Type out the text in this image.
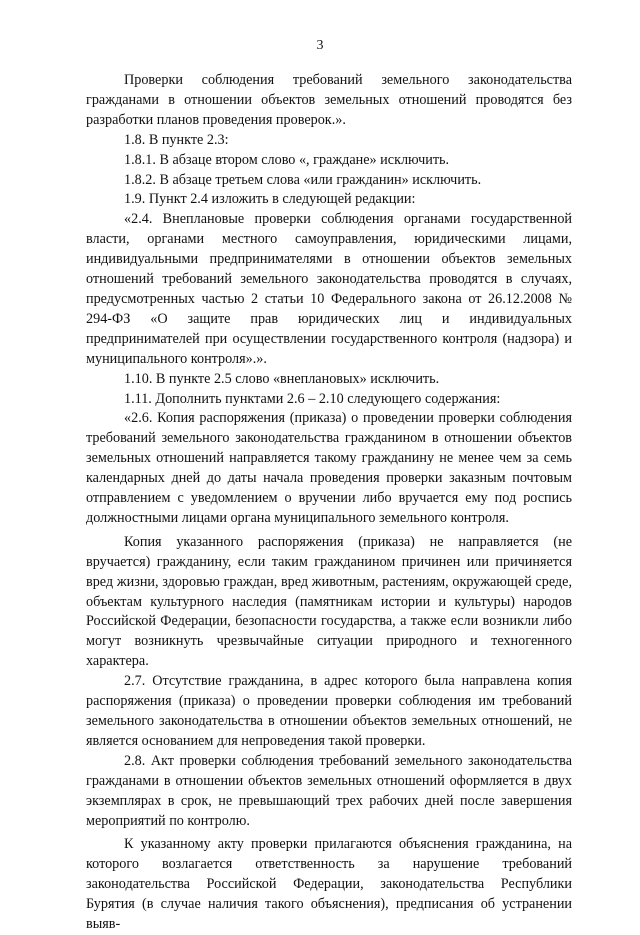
3

Проверки соблюдения требований земельного законодательства гражданами в отношении объектов земельных отношений проводятся без разработки планов проведения проверок.».

1.8. В пункте 2.3:

1.8.1. В абзаце втором слово «, граждане» исключить.

1.8.2. В абзаце третьем слова «или гражданин» исключить.

1.9. Пункт 2.4 изложить в следующей редакции:

«2.4. Внеплановые проверки соблюдения органами государственной власти, органами местного самоуправления, юридическими лицами, индивидуальными предпринимателями в отношении объектов земельных отношений требований земельного законодательства проводятся в случаях, предусмотренных частью 2 статьи 10 Федерального закона от 26.12.2008 № 294-ФЗ «О защите прав юридических лиц и индивидуальных предпринимателей при осуществлении государственного контроля (надзора) и муниципального контроля».».

1.10. В пункте 2.5 слово «внеплановых» исключить.

1.11. Дополнить пунктами 2.6 – 2.10 следующего содержания:

«2.6. Копия распоряжения (приказа) о проведении проверки соблюдения требований земельного законодательства гражданином в отношении объектов земельных отношений направляется такому гражданину не менее чем за семь календарных дней до даты начала проведения проверки заказным почтовым отправлением с уведомлением о вручении либо вручается ему под роспись должностными лицами органа муниципального земельного контроля.

Копия указанного распоряжения (приказа) не направляется (не вручается) гражданину, если таким гражданином причинен или причиняется вред жизни, здоровью граждан, вред животным, растениям, окружающей среде, объектам культурного наследия (памятникам истории и культуры) народов Российской Федерации, безопасности государства, а также если возникли либо могут возникнуть чрезвычайные ситуации природного и техногенного характера.

2.7. Отсутствие гражданина, в адрес которого была направлена копия распоряжения (приказа) о проведении проверки соблюдения им требований земельного законодательства в отношении объектов земельных отношений, не является основанием для непроведения такой проверки.

2.8. Акт проверки соблюдения требований земельного законодательства гражданами в отношении объектов земельных отношений оформляется в двух экземплярах в срок, не превышающий трех рабочих дней после завершения мероприятий по контролю.

К указанному акту проверки прилагаются объяснения гражданина, на которого возлагается ответственность за нарушение требований законодательства Российской Федерации, законодательства Республики Бурятия (в случае наличия такого объяснения), предписания об устранении выяв-
